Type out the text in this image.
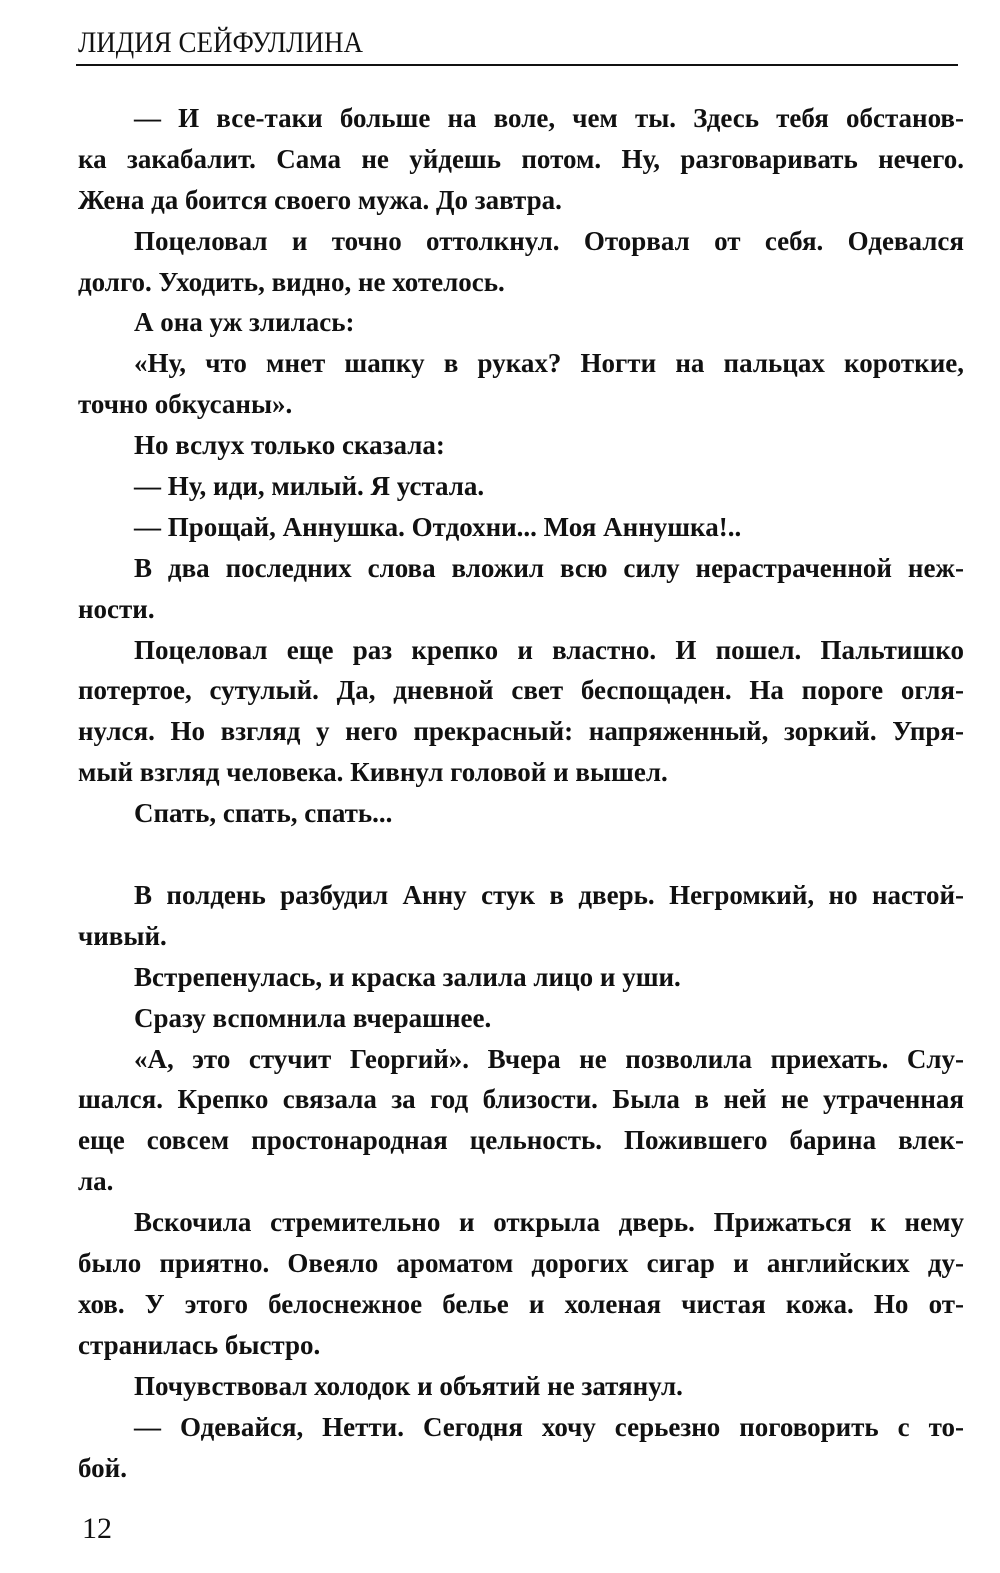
ЛИДИЯ СЕЙФУЛЛИНА
— И все-таки больше на воле, чем ты. Здесь тебя обстанов-
ка закабалит. Сама не уйдешь потом. Ну, разговаривать нечего.
Жена да боится своего мужа. До завтра.
Поцеловал и точно оттолкнул. Оторвал от себя. Одевался
долго. Уходить, видно, не хотелось.
А она уж злилась:
«Ну, что мнет шапку в руках? Ногти на пальцах короткие,
точно обкусаны».
Но вслух только сказала:
— Ну, иди, милый. Я устала.
— Прощай, Аннушка. Отдохни... Моя Аннушка!..
В два последних слова вложил всю силу нерастраченной неж-
ности.
Поцеловал еще раз крепко и властно. И пошел. Пальтишко
потертое, сутулый. Да, дневной свет беспощаден. На пороге огля-
нулся. Но взгляд у него прекрасный: напряженный, зоркий. Упря-
мый взгляд человека. Кивнул головой и вышел.
Спать, спать, спать...
В полдень разбудил Анну стук в дверь. Негромкий, но настой-
чивый.
Встрепенулась, и краска залила лицо и уши.
Сразу вспомнила вчерашнее.
«А, это стучит Георгий». Вчера не позволила приехать. Слу-
шался. Крепко связала за год близости. Была в ней не утраченная
еще совсем простонародная цельность. Пожившего барина влек-
ла.
Вскочила стремительно и открыла дверь. Прижаться к нему
было приятно. Овеяло ароматом дорогих сигар и английских ду-
хов. У этого белоснежное белье и холеная чистая кожа. Но от-
странилась быстро.
Почувствовал холодок и объятий не затянул.
— Одевайся, Нетти. Сегодня хочу серьезно поговорить с то-
бой.
12
